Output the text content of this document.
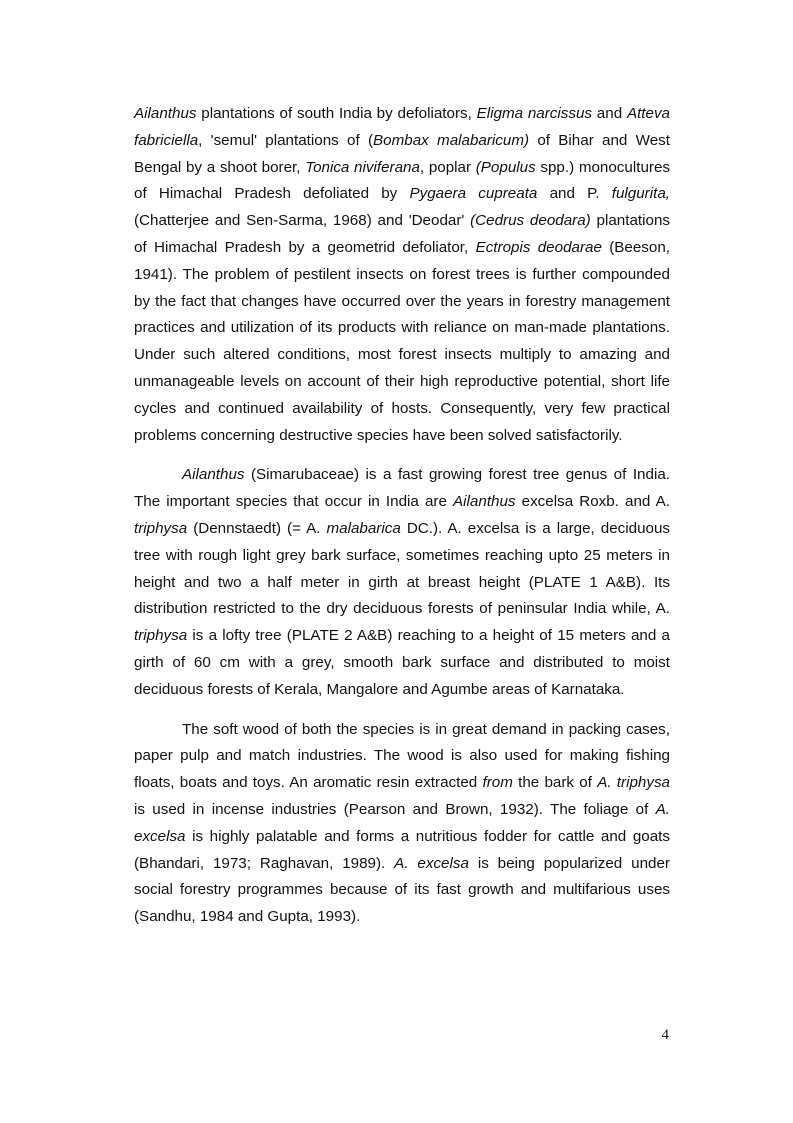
Ailanthus plantations of south India by defoliators, Eligma narcissus and Atteva fabriciella, 'semul' plantations of (Bombax malabaricum) of Bihar and West Bengal by a shoot borer, Tonica niviferana, poplar (Populus spp.) monocultures of Himachal Pradesh defoliated by Pygaera cupreata and P. fulgurita, (Chatterjee and Sen-Sarma, 1968) and 'Deodar' (Cedrus deodara) plantations of Himachal Pradesh by a geometrid defoliator, Ectropis deodarae (Beeson, 1941). The problem of pestilent insects on forest trees is further compounded by the fact that changes have occurred over the years in forestry management practices and utilization of its products with reliance on man-made plantations. Under such altered conditions, most forest insects multiply to amazing and unmanageable levels on account of their high reproductive potential, short life cycles and continued availability of hosts. Consequently, very few practical problems concerning destructive species have been solved satisfactorily.

Ailanthus (Simarubaceae) is a fast growing forest tree genus of India. The important species that occur in India are Ailanthus excelsa Roxb. and A. triphysa (Dennstaedt) (= A. malabarica DC.). A. excelsa is a large, deciduous tree with rough light grey bark surface, sometimes reaching upto 25 meters in height and two a half meter in girth at breast height (PLATE 1 A&B). Its distribution restricted to the dry deciduous forests of peninsular India while, A. triphysa is a lofty tree (PLATE 2 A&B) reaching to a height of 15 meters and a girth of 60 cm with a grey, smooth bark surface and distributed to moist deciduous forests of Kerala, Mangalore and Agumbe areas of Karnataka.

The soft wood of both the species is in great demand in packing cases, paper pulp and match industries. The wood is also used for making fishing floats, boats and toys. An aromatic resin extracted from the bark of A. triphysa is used in incense industries (Pearson and Brown, 1932). The foliage of A. excelsa is highly palatable and forms a nutritious fodder for cattle and goats (Bhandari, 1973; Raghavan, 1989). A. excelsa is being popularized under social forestry programmes because of its fast growth and multifarious uses (Sandhu, 1984 and Gupta, 1993).

4
